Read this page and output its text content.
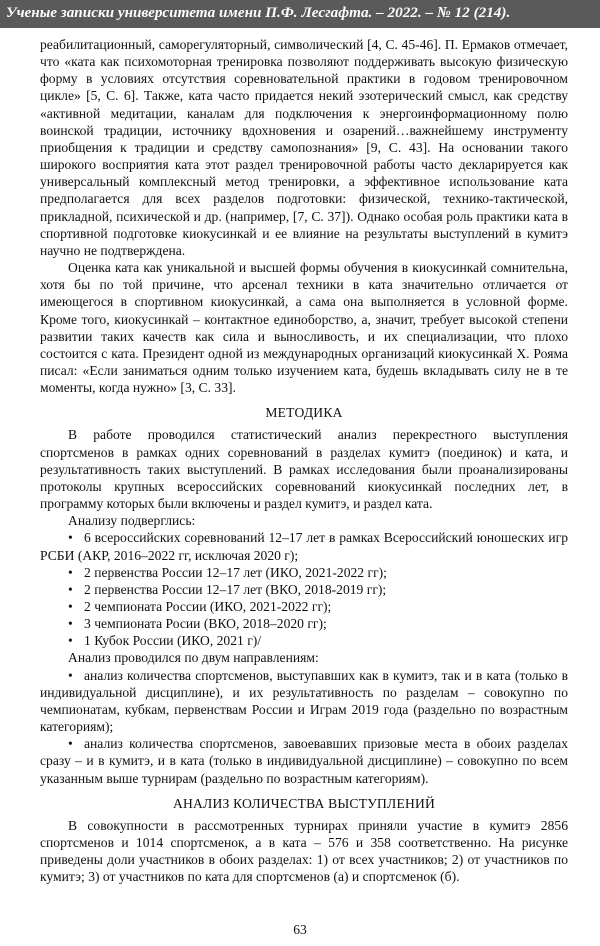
Ученые записки университета имени П.Ф. Лесгафта. – 2022. – № 12 (214).

реабилитационный, саморегуляторный, символический [4, С. 45-46]. П. Ермаков отмечает, что «ката как психомоторная тренировка позволяют поддерживать высокую физическую форму в условиях отсутствия соревновательной практики в годовом тренировочном цикле» [5, С. 6]. Также, ката часто придается некий эзотерический смысл, как средству «активной медитации, каналам для подключения к энергоинформационному полю воинской традиции, источнику вдохновения и озарений…важнейшему инструменту приобщения к традиции и средству самопознания» [9, С. 43]. На основании такого широкого восприятия ката этот раздел тренировочной работы часто декларируется как универсальный комплексный метод тренировки, а эффективное использование ката предполагается для всех разделов подготовки: физической, технико-тактической, прикладной, психической и др. (например, [7, С. 37]). Однако особая роль практики ката в спортивной подготовке киокусинкай и ее влияние на результаты выступлений в кумитэ научно не подтверждена.

Оценка ката как уникальной и высшей формы обучения в киокусинкай сомнительна, хотя бы по той причине, что арсенал техники в ката значительно отличается от имеющегося в спортивном киокусинкай, а сама она выполняется в условной форме. Кроме того, киокусинкай – контактное единоборство, а, значит, требует высокой степени развитии таких качеств как сила и выносливость, и их специализации, что плохо состоится с ката. Президент одной из международных организаций киокусинкай Х. Рояма писал: «Если заниматься одним только изучением ката, будешь вкладывать силу не в те моменты, когда нужно» [3, С. 33].

МЕТОДИКА

В работе проводился статистический анализ перекрестного выступления спортсменов в рамках одних соревнований в разделах кумитэ (поединок) и ката, и результативность таких выступлений. В рамках исследования были проанализированы протоколы крупных всероссийских соревнований киокусинкай последних лет, в программу которых были включены и раздел кумитэ, и раздел ката.

Анализу подверглись:

• 6 всероссийских соревнований 12–17 лет в рамках Всероссийский юношеских игр РСБИ (АКР, 2016–2022 гг, исключая 2020 г);

• 2 первенства России 12–17 лет (ИКО, 2021-2022 гг);

• 2 первенства России 12–17 лет (ВКО, 2018-2019 гг);

• 2 чемпионата России (ИКО, 2021-2022 гг);

• 3 чемпионата Росии (ВКО, 2018–2020 гг);

• 1 Кубок России (ИКО, 2021 г)/

Анализ проводился по двум направлениям:

• анализ количества спортсменов, выступавших как в кумитэ, так и в ката (только в индивидуальной дисциплине), и их результативность по разделам – совокупно по чемпионатам, кубкам, первенствам России и Играм 2019 года (раздельно по возрастным категориям);

• анализ количества спортсменов, завоевавших призовые места в обоих разделах сразу – и в кумитэ, и в ката (только в индивидуальной дисциплине) – совокупно по всем указанным выше турнирам (раздельно по возрастным категориям).

АНАЛИЗ КОЛИЧЕСТВА ВЫСТУПЛЕНИЙ

В совокупности в рассмотренных турнирах приняли участие в кумитэ 2856 спортсменов и 1014 спортсменок, а в ката – 576 и 358 соответственно. На рисунке приведены доли участников в обоих разделах: 1) от всех участников; 2) от участников по кумитэ; 3) от участников по ката для спортсменов (а) и спортсменок (б).

63
